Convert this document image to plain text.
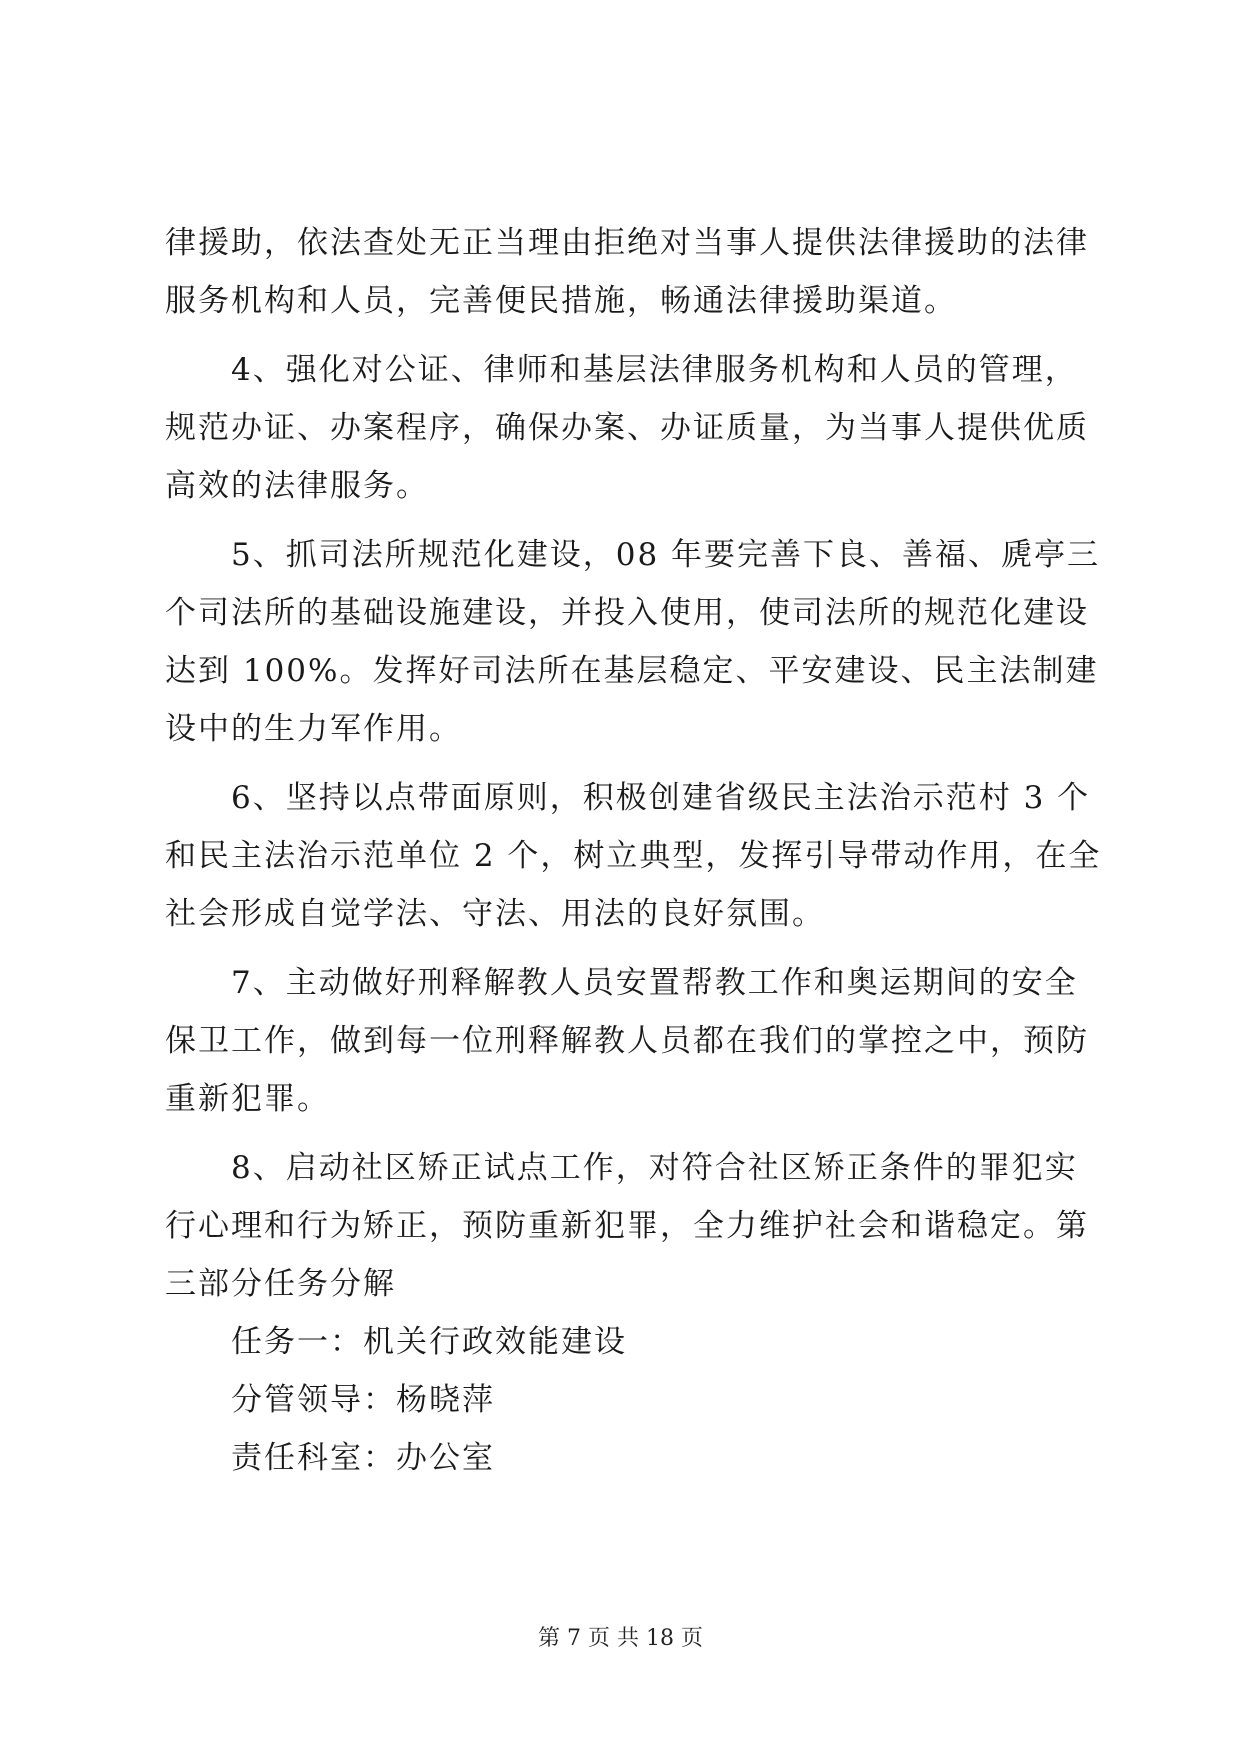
律援助，依法查处无正当理由拒绝对当事人提供法律援助的法律

服务机构和人员，完善便民措施，畅通法律援助渠道。

4、强化对公证、律师和基层法律服务机构和人员的管理，

规范办证、办案程序，确保办案、办证质量，为当事人提供优质

高效的法律服务。

5、抓司法所规范化建设，08 年要完善下良、善福、虒亭三

个司法所的基础设施建设，并投入使用，使司法所的规范化建设

达到 100%。发挥好司法所在基层稳定、平安建设、民主法制建

设中的生力军作用。

6、坚持以点带面原则，积极创建省级民主法治示范村 3 个

和民主法治示范单位 2 个，树立典型，发挥引导带动作用，在全

社会形成自觉学法、守法、用法的良好氛围。

7、主动做好刑释解教人员安置帮教工作和奥运期间的安全

保卫工作，做到每一位刑释解教人员都在我们的掌控之中，预防

重新犯罪。

8、启动社区矫正试点工作，对符合社区矫正条件的罪犯实

行心理和行为矫正，预防重新犯罪，全力维护社会和谐稳定。第

三部分任务分解

任务一：机关行政效能建设

分管领导：杨晓萍

责任科室：办公室

第 7 页 共 18 页
